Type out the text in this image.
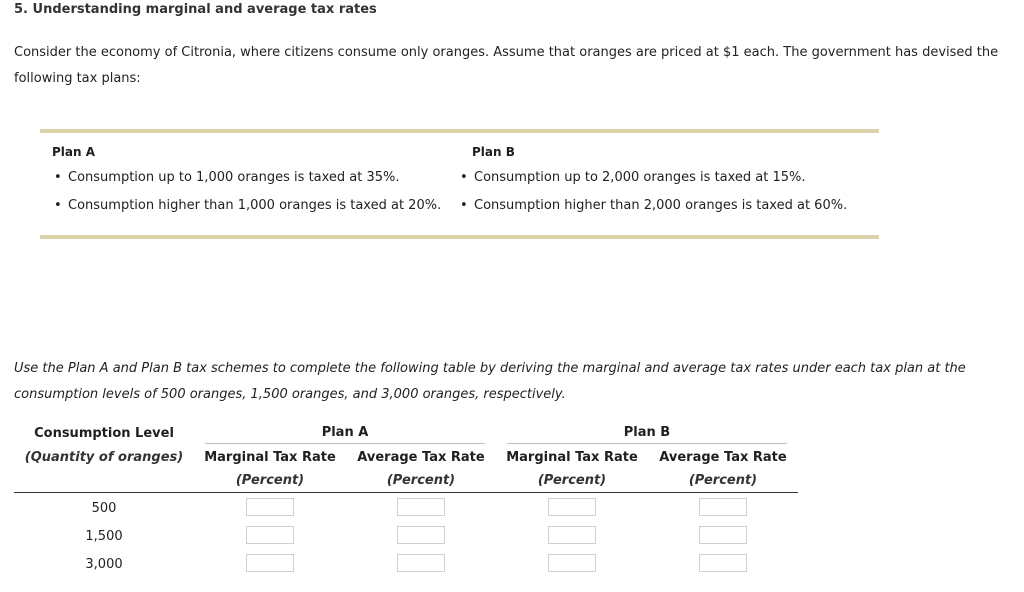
5. Understanding marginal and average tax rates
Consider the economy of Citronia, where citizens consume only oranges. Assume that oranges are priced at $1 each. The government has devised the following tax plans:
Plan A
• Consumption up to 1,000 oranges is taxed at 35%.
• Consumption higher than 1,000 oranges is taxed at 20%.
Plan B
• Consumption up to 2,000 oranges is taxed at 15%.
• Consumption higher than 2,000 oranges is taxed at 60%.
Use the Plan A and Plan B tax schemes to complete the following table by deriving the marginal and average tax rates under each tax plan at the consumption levels of 500 oranges, 1,500 oranges, and 3,000 oranges, respectively.
Consumption Level
(Quantity of oranges)
Plan A	Plan B
Marginal Tax Rate
(Percent)
Average Tax Rate
(Percent)
Marginal Tax Rate
(Percent)
Average Tax Rate
(Percent)
500
1,500
3,000
